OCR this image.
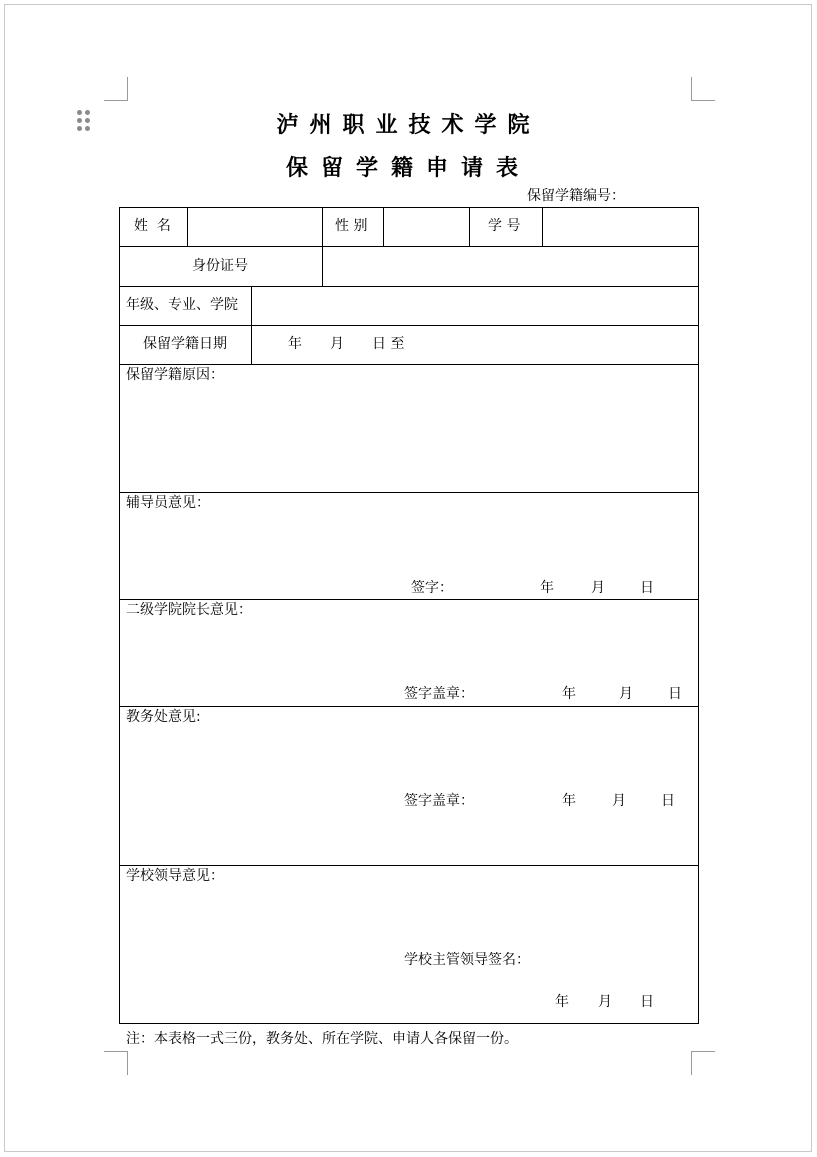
泸州职业技术学院
保留学籍申请表
保留学籍编号：
姓  名	性 别	学 号
身份证号
年级、专业、学院
保留学籍日期	年 月 日 至
保留学籍原因：
辅导员意见：
签字：	年	月	日
二级学院院长意见：
签字盖章：	年	月	日
教务处意见:
签字盖章：	年	月	日
学校领导意见：
学校主管领导签名：
年 月 日
注：本表格一式三份，教务处、所在学院、申请人各保留一份。
